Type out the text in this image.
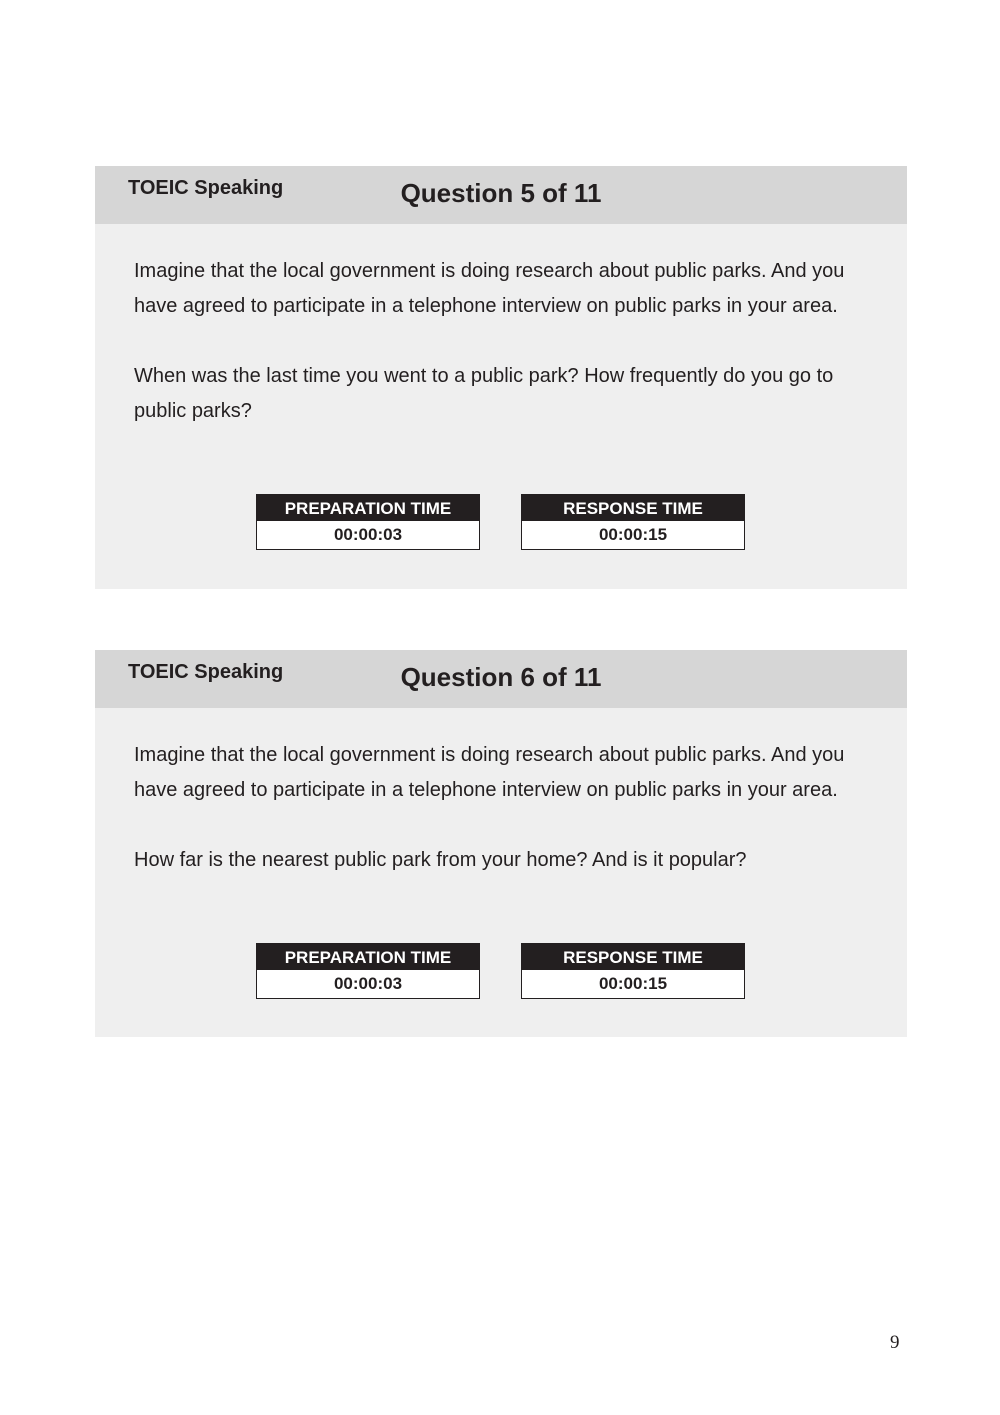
TOEIC Speaking	Question 5 of 11

Imagine that the local government is doing research about public parks. And you have agreed to participate in a telephone interview on public parks in your area.

When was the last time you went to a public park? How frequently do you go to public parks?

PREPARATION TIME
00:00:03
RESPONSE TIME
00:00:15
TOEIC Speaking	Question 6 of 11

Imagine that the local government is doing research about public parks. And you have agreed to participate in a telephone interview on public parks in your area.

How far is the nearest public park from your home? And is it popular?

PREPARATION TIME
00:00:03
RESPONSE TIME
00:00:15
9
